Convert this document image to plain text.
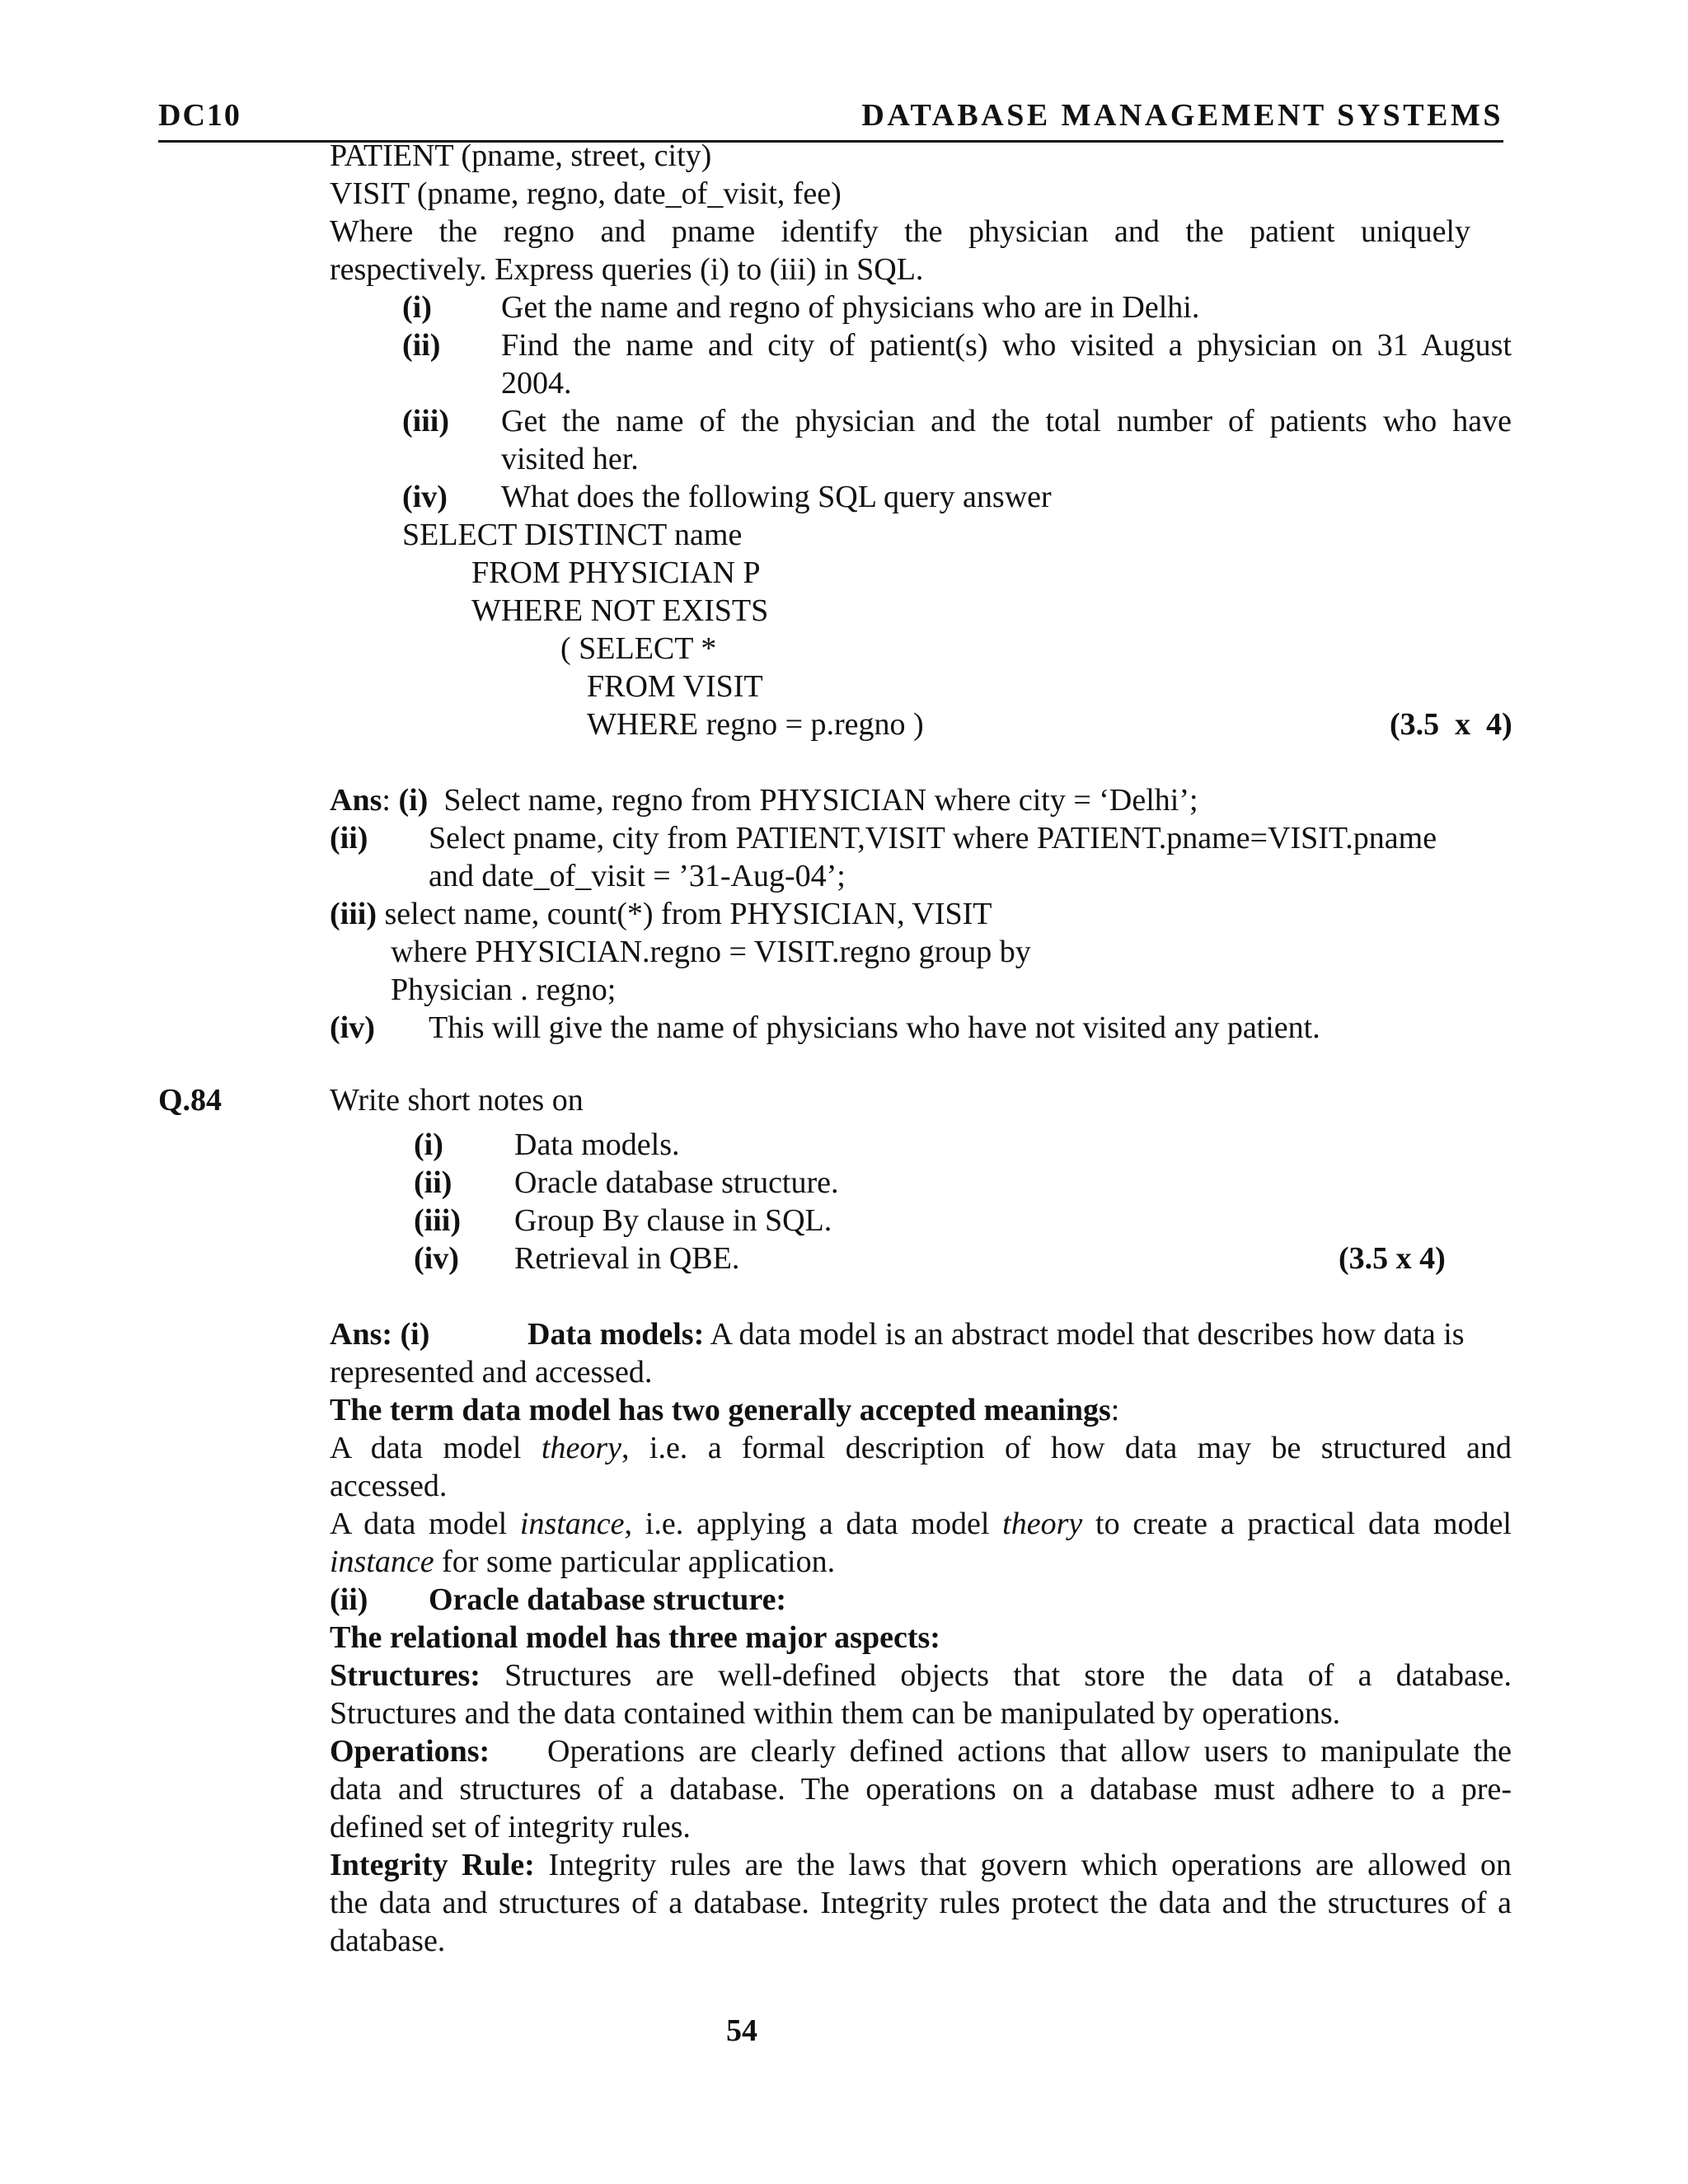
DC10	DATABASE MANAGEMENT SYSTEMS
PATIENT (pname, street, city)
VISIT (pname, regno, date_of_visit, fee)
Where the regno and pname identify the physician and the patient uniquely
respectively. Express queries (i) to (iii) in SQL.
(i) Get the name and regno of physicians who are in Delhi.
(ii) Find the name and city of patient(s) who visited a physician on 31 August
2004.
(iii) Get the name of the physician and the total number of patients who have
visited her.
(iv) What does the following SQL query answer
SELECT DISTINCT name
FROM PHYSICIAN P
WHERE NOT EXISTS
( SELECT *
FROM VISIT
WHERE regno = p.regno )	(3.5  x  4)
Ans: (i) Select name, regno from PHYSICIAN where city = ‘Delhi’;
(ii) Select pname, city from PATIENT,VISIT where PATIENT.pname=VISIT.pname
and date_of_visit = ’31-Aug-04’;
(iii) select name, count(*) from PHYSICIAN, VISIT
where PHYSICIAN.regno = VISIT.regno group by
Physician . regno;
(iv) This will give the name of physicians who have not visited any patient.
Q.84	Write short notes on
(i) Data models.
(ii) Oracle database structure.
(iii) Group By clause in SQL.
(iv) Retrieval in QBE.	(3.5 x 4)
Ans: (i)	Data models: A data model is an abstract model that describes how data is
represented and accessed.
The term data model has two generally accepted meanings:
A data model theory, i.e. a formal description of how data may be structured and
accessed.
A data model instance, i.e. applying a data model theory to create a practical data model
instance for some particular application.
(ii) Oracle database structure:
The relational model has three major aspects:
Structures: Structures are well-defined objects that store the data of a database.
Structures and the data contained within them can be manipulated by operations.
Operations: Operations are clearly defined actions that allow users to manipulate the
data and structures of a database. The operations on a database must adhere to a pre-
defined set of integrity rules.
Integrity Rule: Integrity rules are the laws that govern which operations are allowed on
the data and structures of a database. Integrity rules protect the data and the structures of a
database.
54
